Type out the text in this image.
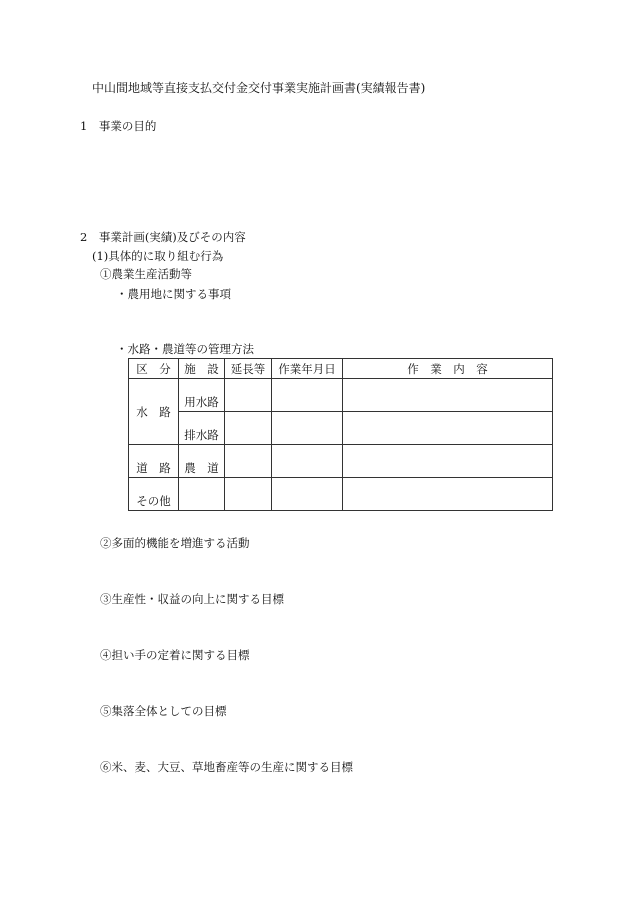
中山間地域等直接支払交付金交付事業実施計画書(実績報告書)
1　事業の目的
2　事業計画(実績)及びその内容
(1)具体的に取り組む行為
①農業生産活動等
・農用地に関する事項
・水路・農道等の管理方法
区　分	施　設	延長等	作業年月日	作　業　内　容

水　路	用水路			

	排水路			

道　路	農　道			

その他				

②多面的機能を増進する活動
③生産性・収益の向上に関する目標
④担い手の定着に関する目標
⑤集落全体としての目標
⑥米、麦、大豆、草地畜産等の生産に関する目標
